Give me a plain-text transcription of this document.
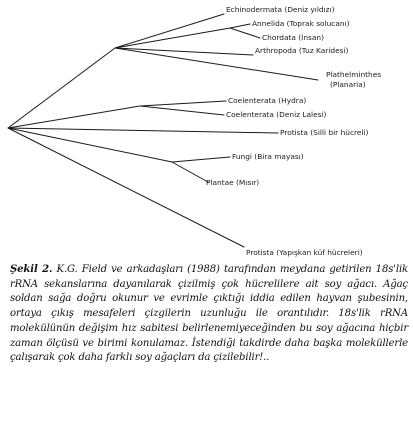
Echinodermata (Deniz yıldızı)
Annelida (Toprak solucanı)
Chordata (İnsan)
Arthropoda (Tuz Karidesi)
Plathelminthes
(Planaria)
Coelenterata (Hydra)
Coelenterata (Deniz Lalesi)
Protista (Silli bir hücreli)
Fungi (Bira mayası)
Plantae (Mısır)
Protista (Yapışkan küf hücreleri)
Şekil 2. K.G. Field ve arkadaşları (1988) tarafından meydana getirilen 18s'lik rRNA sekanslarına dayanılarak çizilmiş çok hücrelilere ait soy ağacı. Ağaç soldan sağa doğru okunur ve evrimle çıktığı iddia edilen hayvan şubesinin, ortaya çıkış mesafeleri çizgilerin uzunluğu ile orantılıdır. 18s'lik rRNA molekülünün değişim hız sabitesi belirlenemiyeceğinden bu soy ağacına hiçbir zaman ölçüsü ve birimi konulamaz. İstendiği takdirde daha başka moleküllerle çalışarak çok daha farklı soy ağaçları da çizilebilir!..
